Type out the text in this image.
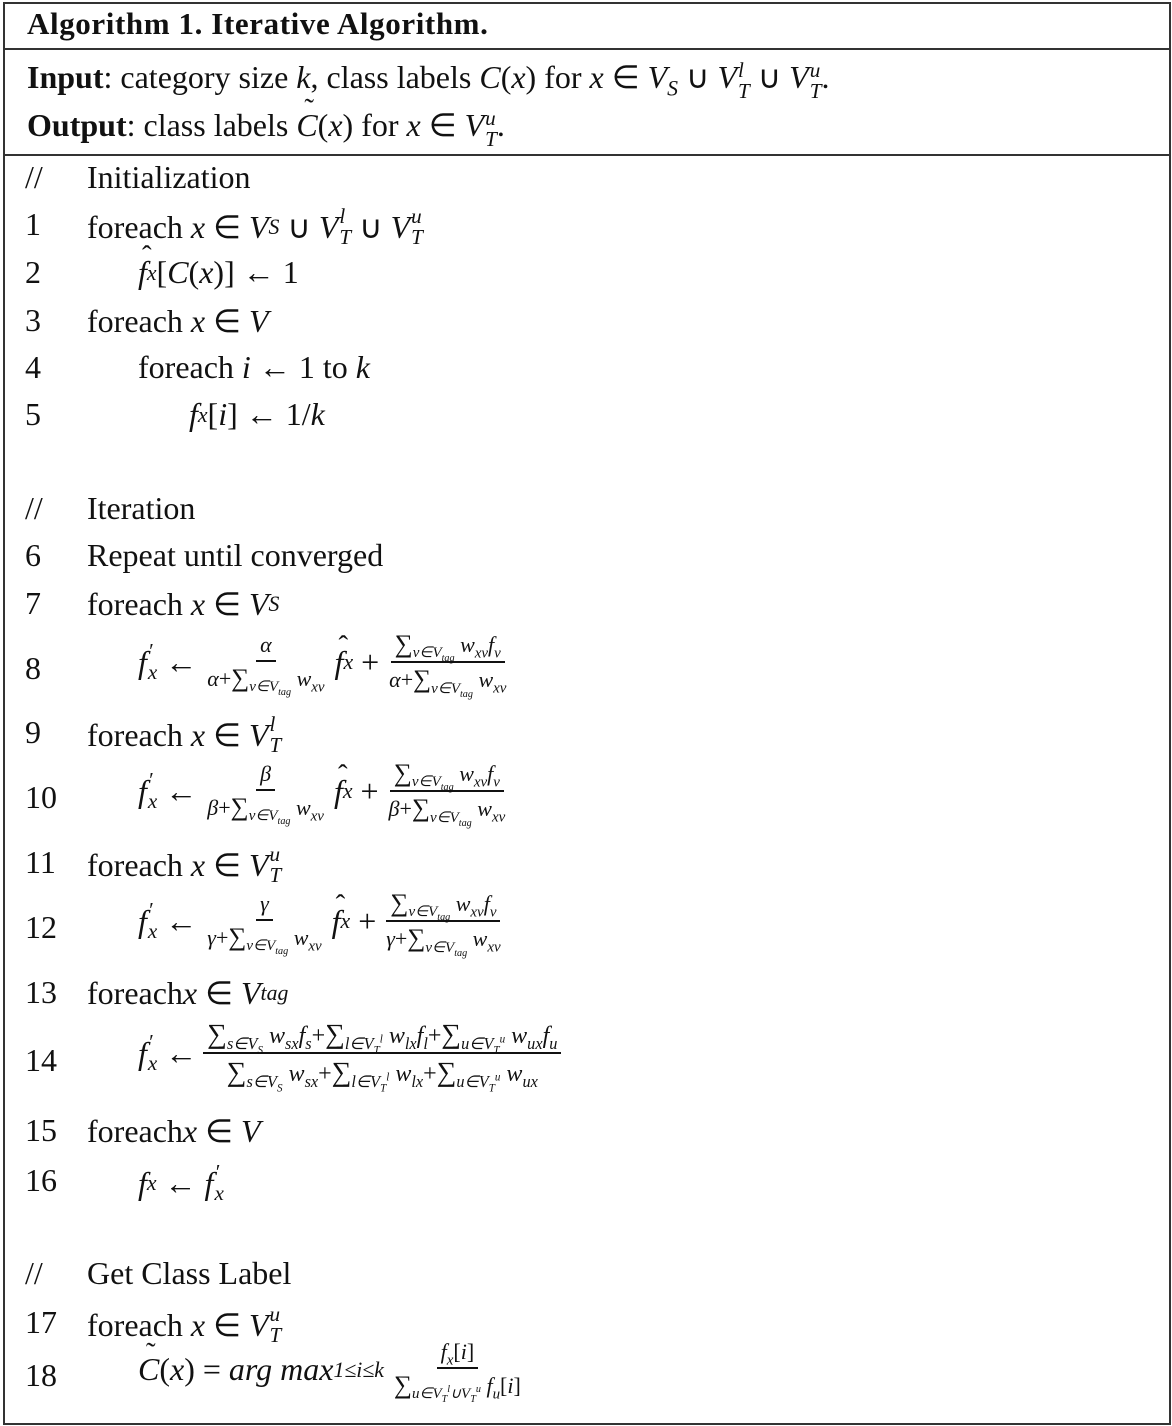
Algorithm 1. Iterative Algorithm.
Input: category size k, class labels C(x) for x ∈ $V_S$ ∪ V l
T ∪ V u
T .
Output: class labels ˜ C(x) for x ∈ V u
T .
// Initialization
1 foreach
x ∈ V S ∪ V l
T ∪ V u
T
2	ˆ f x [ C ( x )] ← 1
3 foreach
x ∈ V
4	foreach
i ← 1 to
k
5	f x [ i ] ← 1/ k
// Iteration
6 Repeat until converged
7 foreach
x ∈ V S
8	f ′
x ← $\frac{\alpha}{\alpha+\sum_{v\in V_{tag}} w_{xv}}$ ˆ f $x + \frac{\sum_{v\in V_{tag}} w_{xv}f_v}{\alpha+\sum_{v\in V_{tag}} w_{xv}}$
9 foreach
x ∈ V l
T
10	f ′
x ← $\frac{\beta}{\beta+\sum_{v\in V_{tag}} w_{xv}}$ ˆ f $x + \frac{\sum_{v\in V_{tag}} w_{xv}f_v}{\beta+\sum_{v\in V_{tag}} w_{xv}}$
11 foreach
x ∈ V u
T
12	f ′
x ← $\frac{\gamma}{\gamma+\sum_{v\in V_{tag}} w_{xv}}$ ˆ f $x + \frac{\sum_{v\in V_{tag}} w_{xv}f_v}{\gamma+\sum_{v\in V_{tag}} w_{xv}}$
13 foreach x ∈ V tag
14	f ′
x ← $\frac{\sum_{s\in V_S} w_{sx}f_s+\sum_{l\in V_T^l} w_{lx}f_l+\sum_{u\in V_T^u} w_{ux}f_u}{\sum_{s\in V_S} w_{sx}+\sum_{l\in V_T^l} w_{lx}+\sum_{u\in V_T^u} w_{ux}}$
15 foreach x ∈ V
16	f x ← f ′
x
// Get Class Label
17 foreach
x ∈ V u
T
18	˜ C ( x ) = arg $\max 1\le i\le k \frac{f_x[i]}{\sum_{u\in V_T^l\cup V_T^u} f_u[i]}$
